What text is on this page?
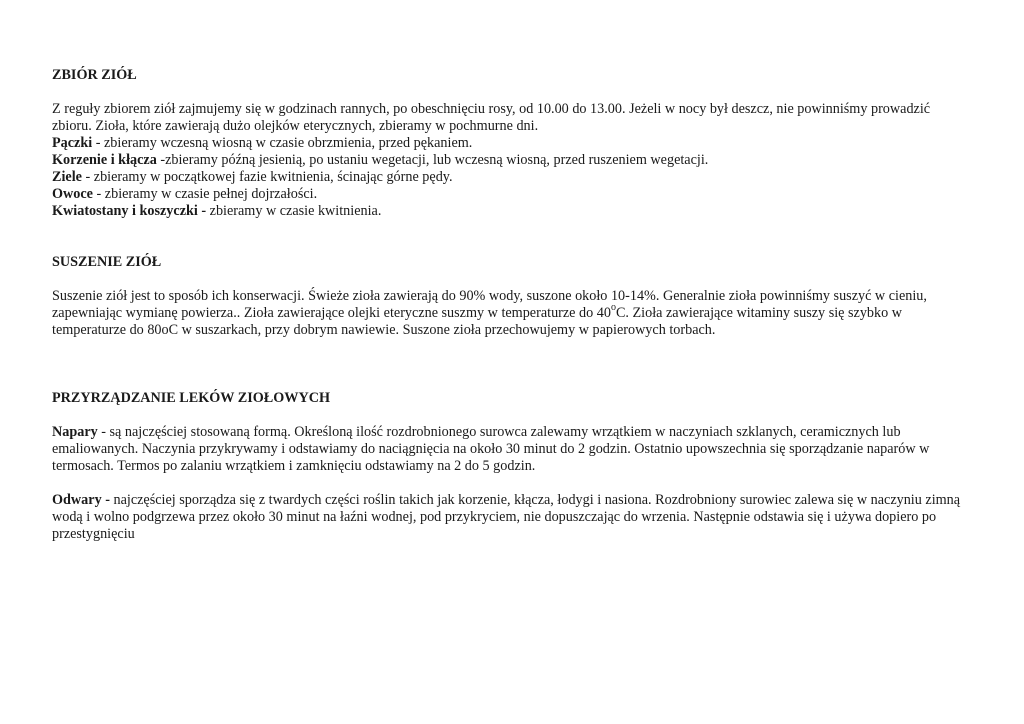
ZBIÓR ZIÓŁ

Z reguły zbiorem ziół zajmujemy się w godzinach rannych, po obeschnięciu rosy, od 10.00 do 13.00. Jeżeli w nocy był deszcz, nie powinniśmy prowadzić zbioru. Zioła, które zawierają dużo olejków eterycznych, zbieramy w pochmurne dni.

Pączki - zbieramy wczesną wiosną w czasie obrzmienia, przed pękaniem.

Korzenie i kłącza -zbieramy późną jesienią, po ustaniu wegetacji, lub wczesną wiosną, przed ruszeniem wegetacji.

Ziele - zbieramy w początkowej fazie kwitnienia, ścinając górne pędy.

Owoce - zbieramy w czasie pełnej dojrzałości.

Kwiatostany i koszyczki - zbieramy w czasie kwitnienia.

SUSZENIE ZIÓŁ

Suszenie ziół jest to sposób ich konserwacji. Świeże zioła zawierają do 90% wody, suszone około 10-14%. Generalnie zioła powinniśmy suszyć w cieniu, zapewniając wymianę powierza.. Zioła zawierające olejki eteryczne suszmy w temperaturze do 40$^o$C. Zioła zawierające witaminy suszy się szybko w temperaturze do 80oC w suszarkach, przy dobrym nawiewie. Suszone zioła przechowujemy w papierowych torbach.

PRZYRZĄDZANIE LEKÓW ZIOŁOWYCH

Napary - są najczęściej stosowaną formą. Określoną ilość rozdrobnionego surowca zalewamy wrzątkiem w naczyniach szklanych, ceramicznych lub emaliowanych. Naczynia przykrywamy i odstawiamy do naciągnięcia na około 30 minut do 2 godzin. Ostatnio upowszechnia się sporządzanie naparów w termosach. Termos po zalaniu wrzątkiem i zamknięciu odstawiamy na 2 do 5 godzin.

Odwary - najczęściej sporządza się z twardych części roślin takich jak korzenie, kłącza, łodygi i nasiona. Rozdrobniony surowiec zalewa się w naczyniu zimną wodą i wolno podgrzewa przez około 30 minut na łaźni wodnej, pod przykryciem, nie dopuszczając do wrzenia. Następnie odstawia się i używa dopiero po przestygnięciu
